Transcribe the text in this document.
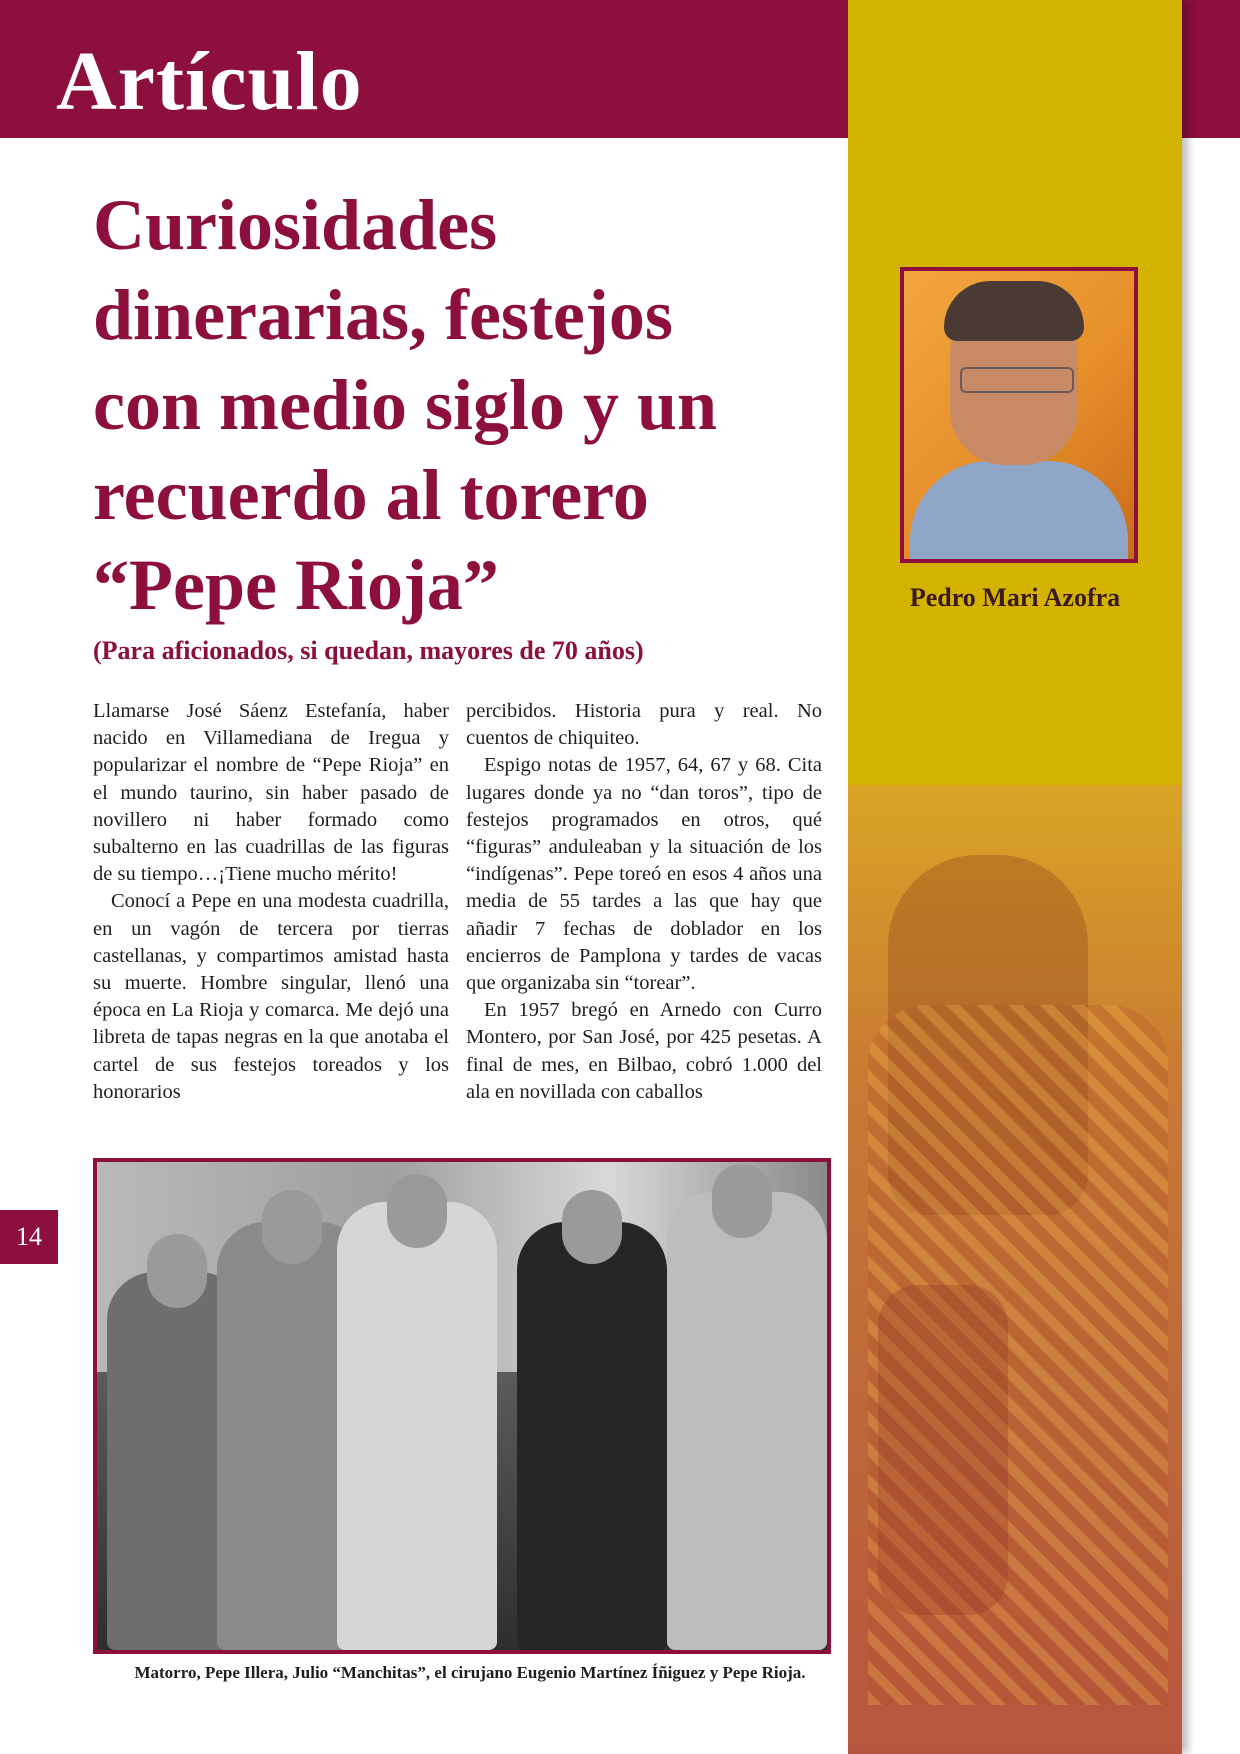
Artículo
Pedro Mari Azofra
Curiosidades
dinerarias, festejos
con medio siglo y un
recuerdo al torero
“Pepe Rioja”
(Para aficionados, si quedan, mayores de 70 años)

Llamarse José Sáenz Estefanía, haber nacido en Villamediana de Iregua y popularizar el nombre de “Pepe Rioja” en el mundo taurino, sin haber pasado de novillero ni haber formado como subalterno en las cuadrillas de las figuras de su tiempo…¡Tiene mucho mérito!

Conocí a Pepe en una modesta cuadrilla, en un vagón de tercera por tierras castellanas, y compartimos amistad hasta su muerte. Hombre singular, llenó una época en La Rioja y comarca. Me dejó una libreta de tapas negras en la que anotaba el cartel de sus festejos toreados y los honorarios

percibidos. Historia pura y real. No cuentos de chiquiteo.

Espigo notas de 1957, 64, 67 y 68. Cita lugares donde ya no “dan toros”, tipo de festejos programados en otros, qué “figuras” anduleaban y la situación de los “indígenas”. Pepe toreó en esos 4 años una media de 55 tardes a las que hay que añadir 7 fechas de doblador en los encierros de Pamplona y tardes de vacas que organizaba sin “torear”.

En 1957 bregó en Arnedo con Curro Montero, por San José, por 425 pesetas. A final de mes, en Bilbao, cobró 1.000 del ala en novillada con caballos

Matorro, Pepe Illera, Julio “Manchitas”, el cirujano Eugenio Martínez Íñiguez y Pepe Rioja.
14
